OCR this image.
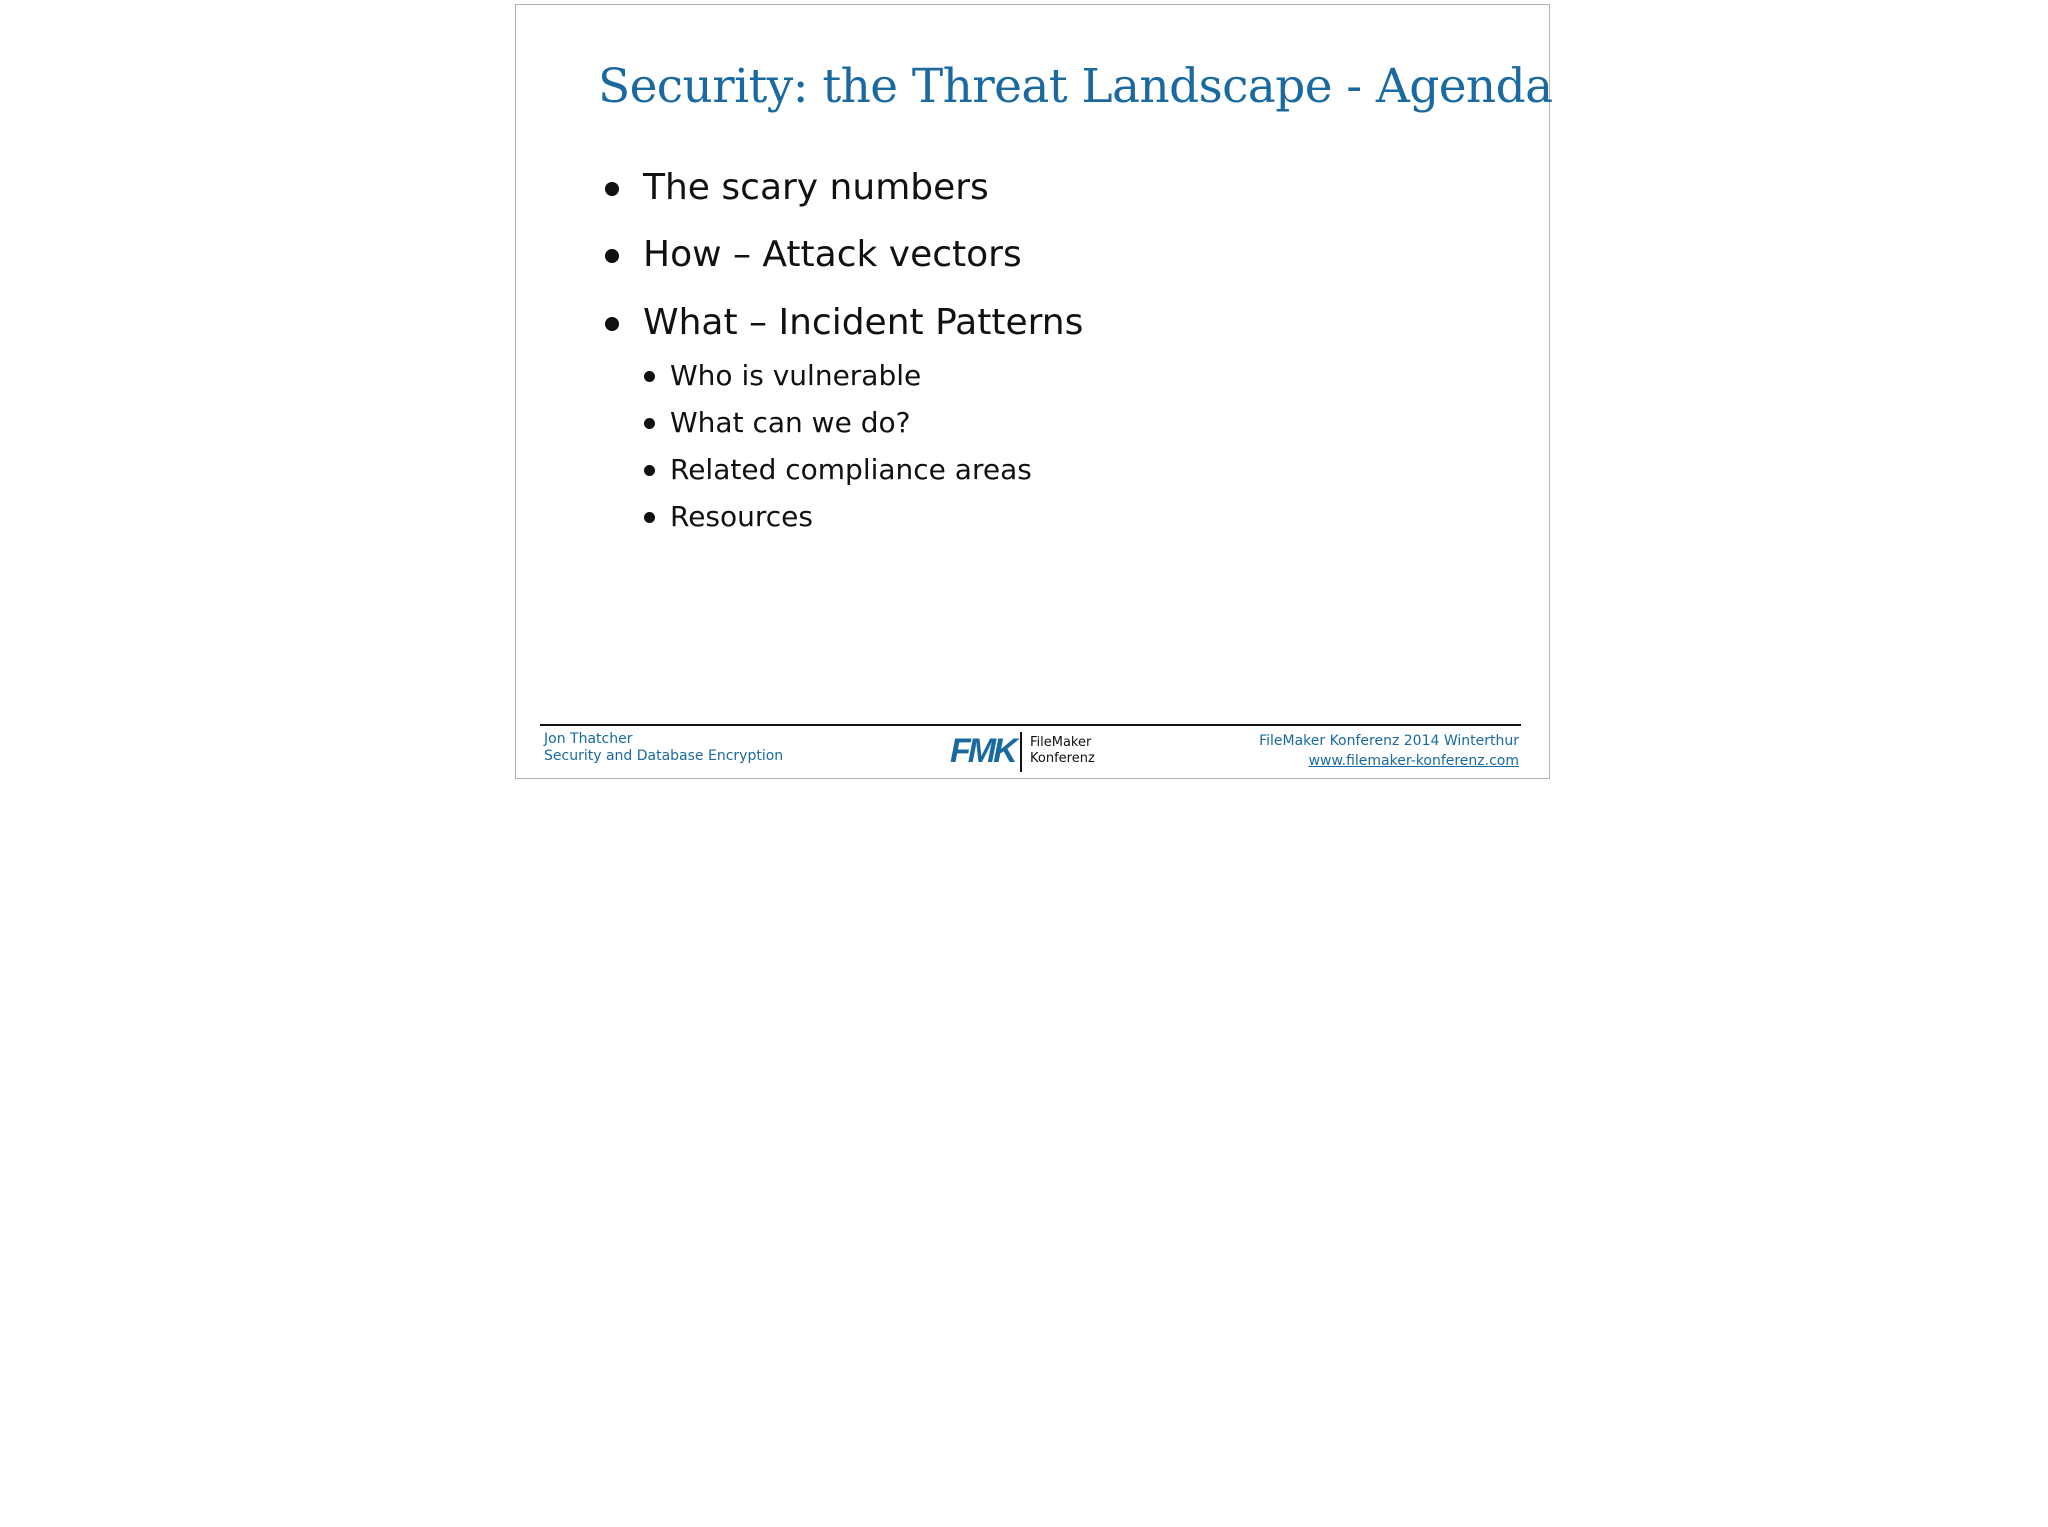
Security: the Threat Landscape - Agenda
The scary numbers
How – Attack vectors
What – Incident Patterns
Who is vulnerable
What can we do?
Related compliance areas
Resources
Jon Thatcher
Security and Database Encryption	FMK FileMaker
Konferenz
FileMaker Konferenz 2014 Winterthur
www.filemaker-konferenz.com
